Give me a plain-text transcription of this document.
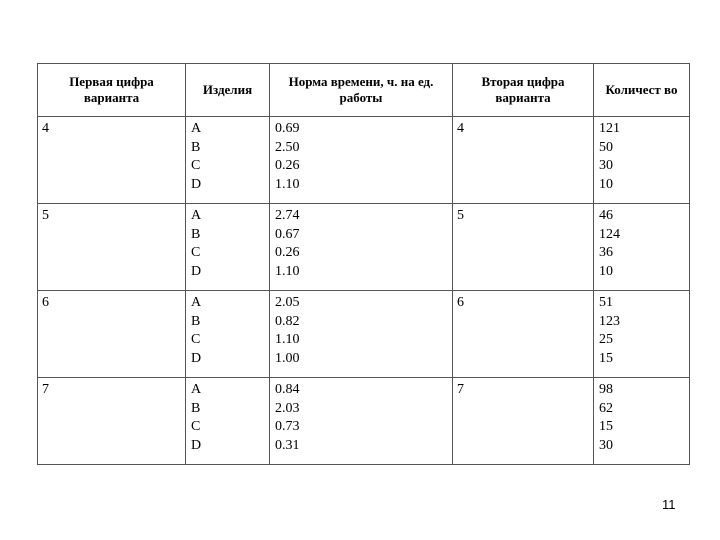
Первая цифра варианта	Изделия	Норма времени, ч. на ед. работы	Вторая цифра варианта	Количест во

4	A
B
C
D	0.69
2.50
0.26
1.10	4	121
50
30
10

5	A
B
C
D	2.74
0.67
0.26
1.10	5	46
124
36
10

6	A
B
C
D	2.05
0.82
1.10
1.00	6	51
123
25
15

7	A
B
C
D	0.84
2.03
0.73
0.31	7	98
62
15
30
11
